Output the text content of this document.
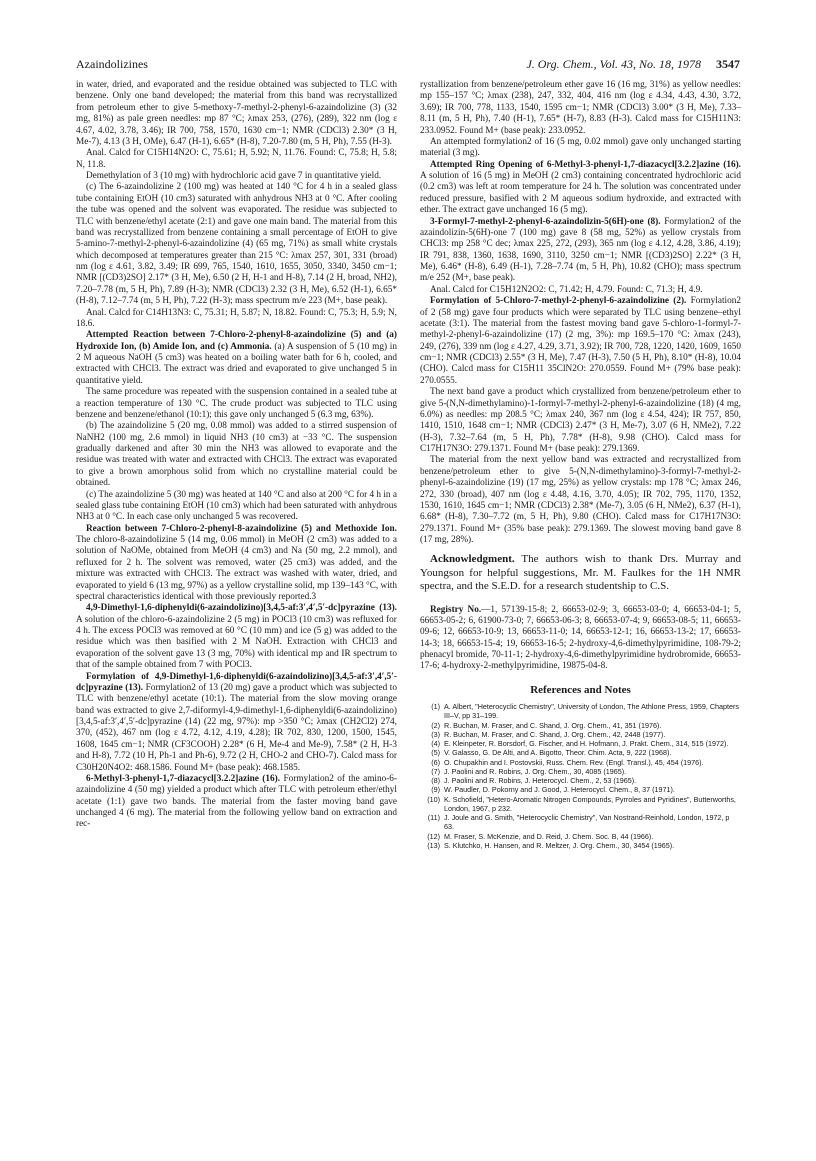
Azaindolizines	J. Org. Chem., Vol. 43, No. 18, 1978 3547

in water, dried, and evaporated and the residue obtained was subjected to TLC with benzene. Only one band developed; the material from this band was recrystallized from petroleum ether to give 5-methoxy-7-methyl-2-phenyl-6-azaindolizine (3) (32 mg, 81%) as pale green needles: mp 87 °C; λmax 253, (276), (289), 322 nm (log ε 4.67, 4.02, 3.78, 3.46); IR 700, 758, 1570, 1630 cm−1; NMR (CDCl3) 2.30* (3 H, Me-7), 4.13 (3 H, OMe), 6.47 (H-1), 6.65* (H-8), 7.20-7.80 (m, 5 H, Ph), 7.55 (H-3).

Anal. Calcd for C15H14N2O: C, 75.61; H, 5.92; N, 11.76. Found: C, 75.8; H, 5.8; N, 11.8.

Demethylation of 3 (10 mg) with hydrochloric acid gave 7 in quantitative yield.

(c) The 6-azaindolizine 2 (100 mg) was heated at 140 °C for 4 h in a sealed glass tube containing EtOH (10 cm3) saturated with anhydrous NH3 at 0 °C. After cooling the tube was opened and the solvent was evaporated. The residue was subjected to TLC with benzene/ethyl acetate (2:1) and gave one main band. The material from this band was recrystallized from benzene containing a small percentage of EtOH to give 5-amino-7-methyl-2-phenyl-6-azaindolizine (4) (65 mg, 71%) as small white crystals which decomposed at temperatures greater than 215 °C: λmax 257, 301, 331 (broad) nm (log ε 4.61, 3.82, 3.49; IR 699, 765, 1540, 1610, 1655, 3050, 3340, 3450 cm−1; NMR [(CD3)2SO] 2.17* (3 H, Me), 6.50 (2 H, H-1 and H-8), 7.14 (2 H, broad, NH2), 7.20–7.78 (m, 5 H, Ph), 7.89 (H-3); NMR (CDCl3) 2.32 (3 H, Me), 6.52 (H-1), 6.65* (H-8), 7.12–7.74 (m, 5 H, Ph), 7.22 (H-3); mass spectrum m/e 223 (M+, base peak).

Anal. Calcd for C14H13N3: C, 75.31; H, 5.87; N, 18.82. Found: C, 75.3; H, 5.9; N, 18.6.

Attempted Reaction between 7-Chloro-2-phenyl-8-azaindolizine (5) and (a) Hydroxide Ion, (b) Amide Ion, and (c) Ammonia. (a) A suspension of 5 (10 mg) in 2 M aqueous NaOH (5 cm3) was heated on a boiling water bath for 6 h, cooled, and extracted with CHCl3. The extract was dried and evaporated to give unchanged 5 in quantitative yield.

The same procedure was repeated with the suspension contained in a sealed tube at a reaction temperature of 130 °C. The crude product was subjected to TLC using benzene and benzene/ethanol (10:1); this gave only unchanged 5 (6.3 mg, 63%).

(b) The azaindolizine 5 (20 mg, 0.08 mmol) was added to a stirred suspension of NaNH2 (100 mg, 2.6 mmol) in liquid NH3 (10 cm3) at −33 °C. The suspension gradually darkened and after 30 min the NH3 was allowed to evaporate and the residue was treated with water and extracted with CHCl3. The extract was evaporated to give a brown amorphous solid from which no crystalline material could be obtained.

(c) The azaindolizine 5 (30 mg) was heated at 140 °C and also at 200 °C for 4 h in a sealed glass tube containing EtOH (10 cm3) which had been saturated with anhydrous NH3 at 0 °C. In each case only unchanged 5 was recovered.

Reaction between 7-Chloro-2-phenyl-8-azaindolizine (5) and Methoxide Ion. The chloro-8-azaindolizine 5 (14 mg, 0.06 mmol) in MeOH (2 cm3) was added to a solution of NaOMe, obtained from MeOH (4 cm3) and Na (50 mg, 2.2 mmol), and refluxed for 2 h. The solvent was removed, water (25 cm3) was added, and the mixture was extracted with CHCl3. The extract was washed with water, dried, and evaporated to yield 6 (13 mg, 97%) as a yellow crystalline solid, mp 139–143 °C, with spectral characteristics identical with those previously reported.3

4,9-Dimethyl-1,6-diphenyldi(6-azaindolizino)[3,4,5-af:3′,4′,5′-dc]pyrazine (13). A solution of the chloro-6-azaindolizine 2 (5 mg) in POCl3 (10 cm3) was refluxed for 4 h. The excess POCl3 was removed at 60 °C (10 mm) and ice (5 g) was added to the residue which was then basified with 2 M NaOH. Extraction with CHCl3 and evaporation of the solvent gave 13 (3 mg, 70%) with identical mp and IR spectrum to that of the sample obtained from 7 with POCl3.

Formylation of 4,9-Dimethyl-1,6-diphenyldi(6-azaindolizino)[3,4,5-af:3′,4′,5′-dc]pyrazine (13). Formylation2 of 13 (20 mg) gave a product which was subjected to TLC with benzene/ethyl acetate (10:1). The material from the slow moving orange band was extracted to give 2,7-diformyl-4,9-dimethyl-1,6-diphenyldi(6-azaindolizino)[3,4,5-af:3′,4′,5′-dc]pyrazine (14) (22 mg, 97%): mp >350 °C; λmax (CH2Cl2) 274, 370, (452), 467 nm (log ε 4.72, 4.12, 4.19, 4.28); IR 702, 830, 1200, 1500, 1545, 1608, 1645 cm−1; NMR (CF3COOH) 2.28* (6 H, Me-4 and Me-9), 7.58* (2 H, H-3 and H-8), 7.72 (10 H, Ph-1 and Ph-6), 9.72 (2 H, CHO-2 and CHO-7). Calcd mass for C30H20N4O2: 468.1586. Found M+ (base peak): 468.1585.

6-Methyl-3-phenyl-1,7-diazacycl[3.2.2]azine (16). Formylation2 of the amino-6-azaindolizine 4 (50 mg) yielded a product which after TLC with petroleum ether/ethyl acetate (1:1) gave two bands. The material from the faster moving band gave unchanged 4 (6 mg). The material from the following yellow band on extraction and rec-

rystallization from benzene/petroleum ether gave 16 (16 mg, 31%) as yellow needles: mp 155–157 °C; λmax (238), 247, 332, 404, 416 nm (log ε 4.34, 4.43, 4.30, 3.72, 3.69); IR 700, 778, 1133, 1540, 1595 cm−1; NMR (CDCl3) 3.00* (3 H, Me), 7.33–8.11 (m, 5 H, Ph), 7.40 (H-1), 7.65* (H-7), 8.83 (H-3). Calcd mass for C15H11N3: 233.0952. Found M+ (base peak): 233.0952.

An attempted formylation2 of 16 (5 mg, 0.02 mmol) gave only unchanged starting material (3 mg).

Attempted Ring Opening of 6-Methyl-3-phenyl-1,7-diazacycl[3.2.2]azine (16). A solution of 16 (5 mg) in MeOH (2 cm3) containing concentrated hydrochloric acid (0.2 cm3) was left at room temperature for 24 h. The solution was concentrated under reduced pressure, basified with 2 M aqueous sodium hydroxide, and extracted with ether. The extract gave unchanged 16 (5 mg).

3-Formyl-7-methyl-2-phenyl-6-azaindolizin-5(6H)-one (8). Formylation2 of the azaindolizin-5(6H)-one 7 (100 mg) gave 8 (58 mg, 52%) as yellow crystals from CHCl3: mp 258 °C dec; λmax 225, 272, (293), 365 nm (log ε 4.12, 4.28, 3.86, 4.19); IR 791, 838, 1360, 1638, 1690, 3110, 3250 cm−1; NMR [(CD3)2SO] 2.22* (3 H, Me), 6.46* (H-8), 6.49 (H-1), 7.28–7.74 (m, 5 H, Ph), 10.82 (CHO); mass spectrum m/e 252 (M+, base peak).

Anal. Calcd for C15H12N2O2: C, 71.42; H, 4.79. Found: C, 71.3; H, 4.9.

Formylation of 5-Chloro-7-methyl-2-phenyl-6-azaindolizine (2). Formylation2 of 2 (58 mg) gave four products which were separated by TLC using benzene–ethyl acetate (3:1). The material from the fastest moving band gave 5-chloro-1-formyl-7-methyl-2-phenyl-6-azaindolizine (17) (2 mg, 3%): mp 169.5–170 °C: λmax (243), 249, (276), 339 nm (log ε 4.27, 4.29, 3.71, 3.92); IR 700, 728, 1220, 1420, 1609, 1650 cm−1; NMR (CDCl3) 2.55* (3 H, Me), 7.47 (H-3), 7.50 (5 H, Ph), 8.10* (H-8), 10.04 (CHO). Calcd mass for C15H11 35ClN2O: 270.0559. Found M+ (79% base peak): 270.0555.

The next band gave a product which crystallized from benzene/petroleum ether to give 5-(N,N-dimethylamino)-1-formyl-7-methyl-2-phenyl-6-azaindolizine (18) (4 mg, 6.0%) as needles: mp 208.5 °C; λmax 240, 367 nm (log ε 4.54, 424); IR 757, 850, 1410, 1510, 1648 cm−1; NMR (CDCl3) 2.47* (3 H, Me-7), 3.07 (6 H, NMe2), 7.22 (H-3), 7.32–7.64 (m, 5 H, Ph), 7.78* (H-8), 9.98 (CHO). Calcd mass for C17H17N3O: 279.1371. Found M+ (base peak): 279.1369.

The material from the next yellow band was extracted and recrystallized from benzene/petroleum ether to give 5-(N,N-dimethylamino)-3-formyl-7-methyl-2-phenyl-6-azaindolizine (19) (17 mg, 25%) as yellow crystals: mp 178 °C; λmax 246, 272, 330 (broad), 407 nm (log ε 4.48, 4.16, 3.70, 4.05); IR 702, 795, 1170, 1352, 1530, 1610, 1645 cm−1; NMR (CDCl3) 2.38* (Me-7), 3.05 (6 H, NMe2), 6.37 (H-1), 6.68* (H-8), 7.30–7.72 (m, 5 H, Ph), 9.80 (CHO). Calcd mass for C17H17N3O: 279.1371. Found M+ (35% base peak): 279.1369. The slowest moving band gave 8 (17 mg, 28%).

Acknowledgment. The authors wish to thank Drs. Murray and Youngson for helpful suggestions, Mr. M. Faulkes for the 1H NMR spectra, and the S.E.D. for a research studentship to C.S.

Registry No.—1, 57139-15-8; 2, 66653-02-9; 3, 66653-03-0; 4, 66653-04-1; 5, 66653-05-2; 6, 61900-73-0; 7, 66653-06-3; 8, 66653-07-4; 9, 66653-08-5; 11, 66653-09-6; 12, 66653-10-9; 13, 66653-11-0; 14, 66653-12-1; 16, 66653-13-2; 17, 66653-14-3; 18, 66653-15-4; 19, 66653-16-5; 2-hydroxy-4,6-dimethylpyrimidine, 108-79-2; phenacyl bromide, 70-11-1; 2-hydroxy-4,6-dimethylpyrimidine hydrobromide, 66653-17-6; 4-hydroxy-2-methylpyrimidine, 19875-04-8.

References and Notes
(1) A. Albert, "Heterocyclic Chemistry", University of London, The Athlone Press, 1959, Chapters III–V, pp 31–199.
(2) R. Buchan, M. Fraser, and C. Shand, J. Org. Chem., 41, 351 (1976).
(3) R. Buchan, M. Fraser, and C. Shand, J. Org. Chem., 42, 2448 (1977).
(4) E. Kleinpeter, R. Borsdorf, G. Fischer, and H. Hofmann, J. Prakt. Chem., 314, 515 (1972).
(5) V. Galasso, G. De Alti, and A. Bigotto, Theor. Chim. Acta, 9, 222 (1968).
(6) O. Chupakhin and I. Postovskii, Russ. Chem. Rev. (Engl. Transl.), 45, 454 (1976).
(7) J. Paolini and R. Robins, J. Org. Chem., 30, 4085 (1965).
(8) J. Paolini and R. Robins, J. Heterocycl. Chem., 2, 53 (1965).
(9) W. Paudler, D. Pokorny and J. Good, J. Heterocycl. Chem., 8, 37 (1971).
(10) K. Schofield, "Hetero-Aromatic Nitrogen Compounds, Pyrroles and Pyridines", Butterworths, London, 1967, p 232.
(11) J. Joule and G. Smith, "Heterocyclic Chemistry", Van Nostrand-Reinhold, London, 1972, p 63.
(12) M. Fraser, S. McKenzie, and D. Reid, J. Chem. Soc. B, 44 (1966).
(13) S. Klutchko, H. Hansen, and R. Meltzer, J. Org. Chem., 30, 3454 (1965).
